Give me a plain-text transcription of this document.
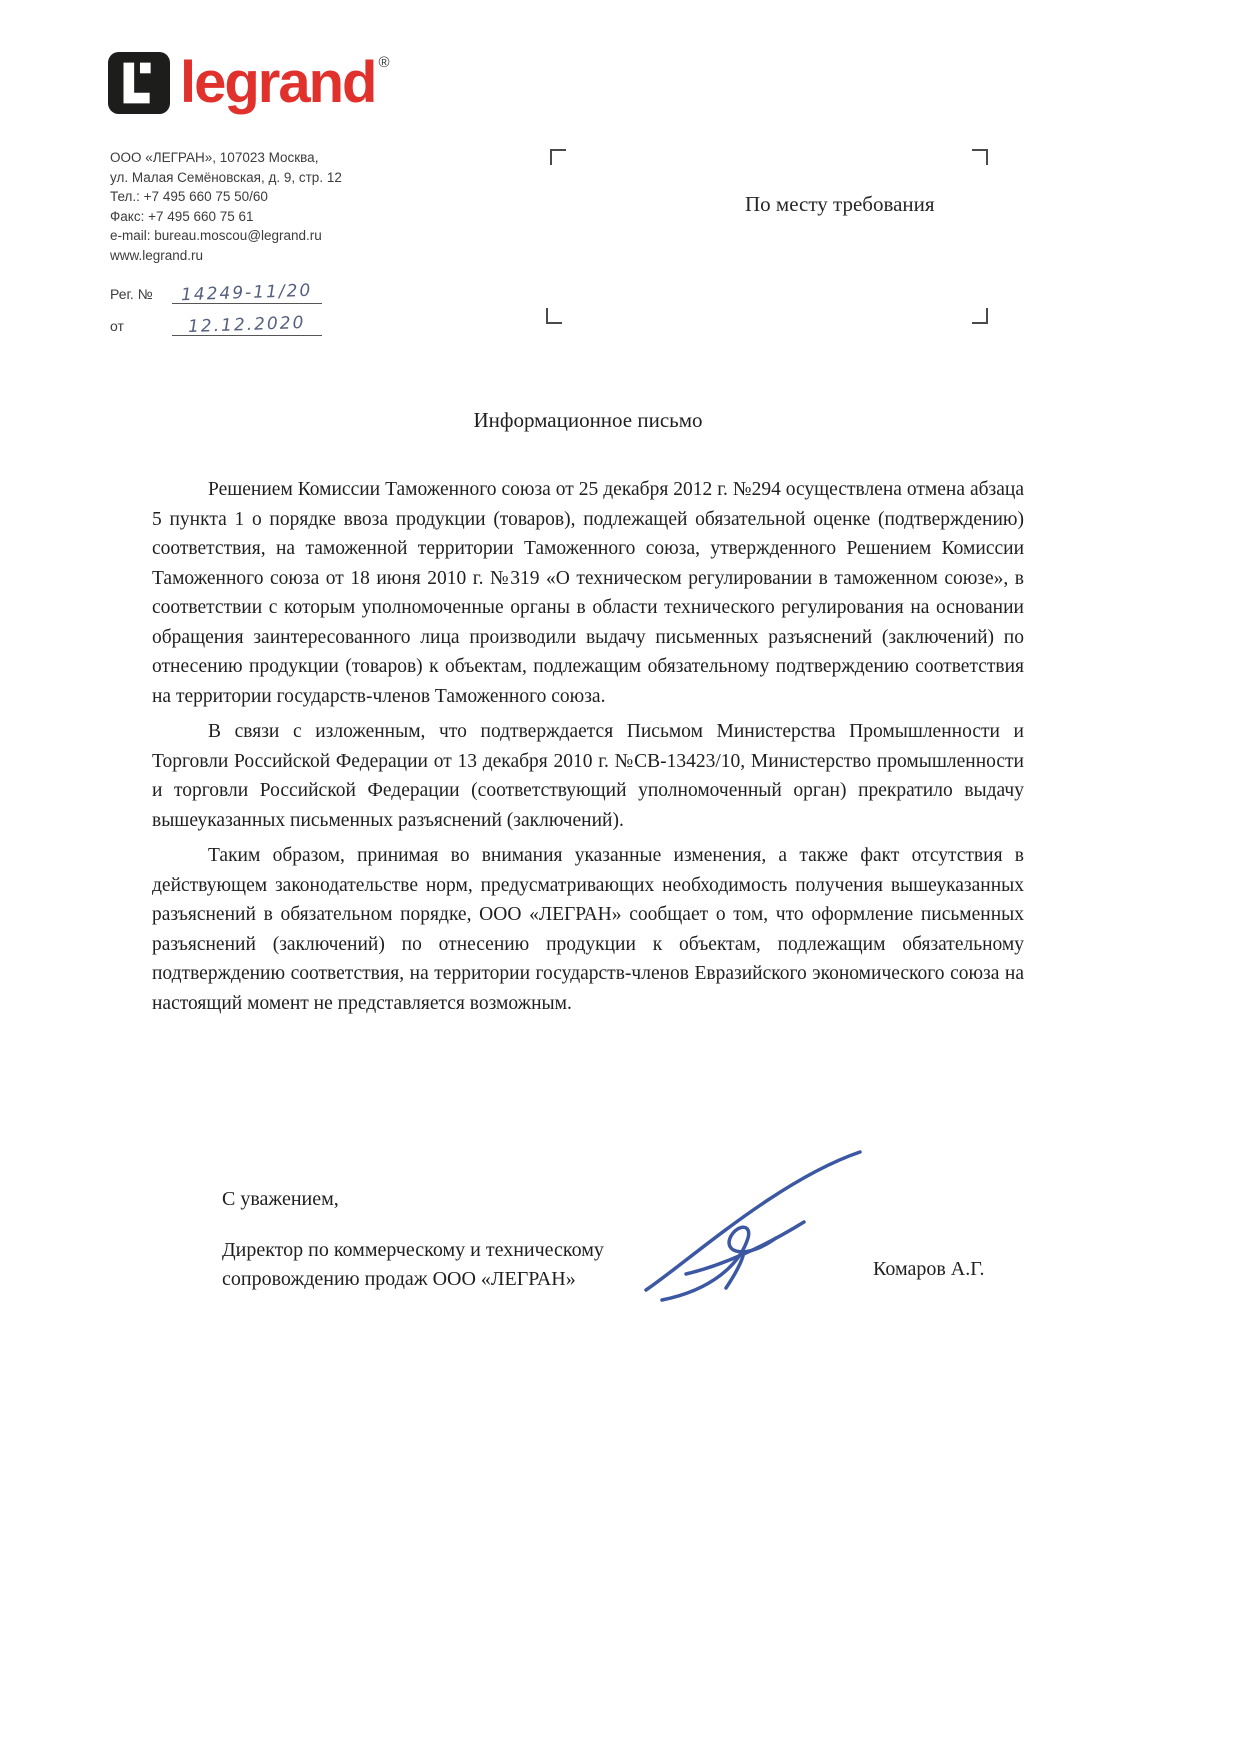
legrand ®
ООО «ЛЕГРАН», 107023 Москва,
ул. Малая Семёновская, д. 9, стр. 12
Тел.: +7 495 660 75 50/60
Факс: +7 495 660 75 61
e-mail: bureau.moscou@legrand.ru
www.legrand.ru
По месту требования
Рег. №	14249-11/20
от	12.12.2020
Информационное письмо

Решением Комиссии Таможенного союза от 25 декабря 2012 г. №294 осуществлена отмена абзаца 5 пункта 1 о порядке ввоза продукции (товаров), подлежащей обязательной оценке (подтверждению) соответствия, на таможенной территории Таможенного союза, утвержденного Решением Комиссии Таможенного союза от 18 июня 2010 г. №319 «О техническом регулировании в таможенном союзе», в соответствии с которым уполномоченные органы в области технического регулирования на основании обращения заинтересованного лица производили выдачу письменных разъяснений (заключений) по отнесению продукции (товаров) к объектам, подлежащим обязательному подтверждению соответствия на территории государств-членов Таможенного союза.

В связи с изложенным, что подтверждается Письмом Министерства Промышленности и Торговли Российской Федерации от 13 декабря 2010 г. №СВ-13423/10, Министерство промышленности и торговли Российской Федерации (соответствующий уполномоченный орган) прекратило выдачу вышеуказанных письменных разъяснений (заключений).

Таким образом, принимая во внимания указанные изменения, а также факт отсутствия в действующем законодательстве норм, предусматривающих необходимость получения вышеуказанных разъяснений в обязательном порядке, ООО «ЛЕГРАН» сообщает о том, что оформление письменных разъяснений (заключений) по отнесению продукции к объектам, подлежащим обязательному подтверждению соответствия, на территории государств-членов Евразийского экономического союза на настоящий момент не представляется возможным.

С уважением,
Директор по коммерческому и техническому
сопровождению продаж ООО «ЛЕГРАН»	Комаров А.Г.
